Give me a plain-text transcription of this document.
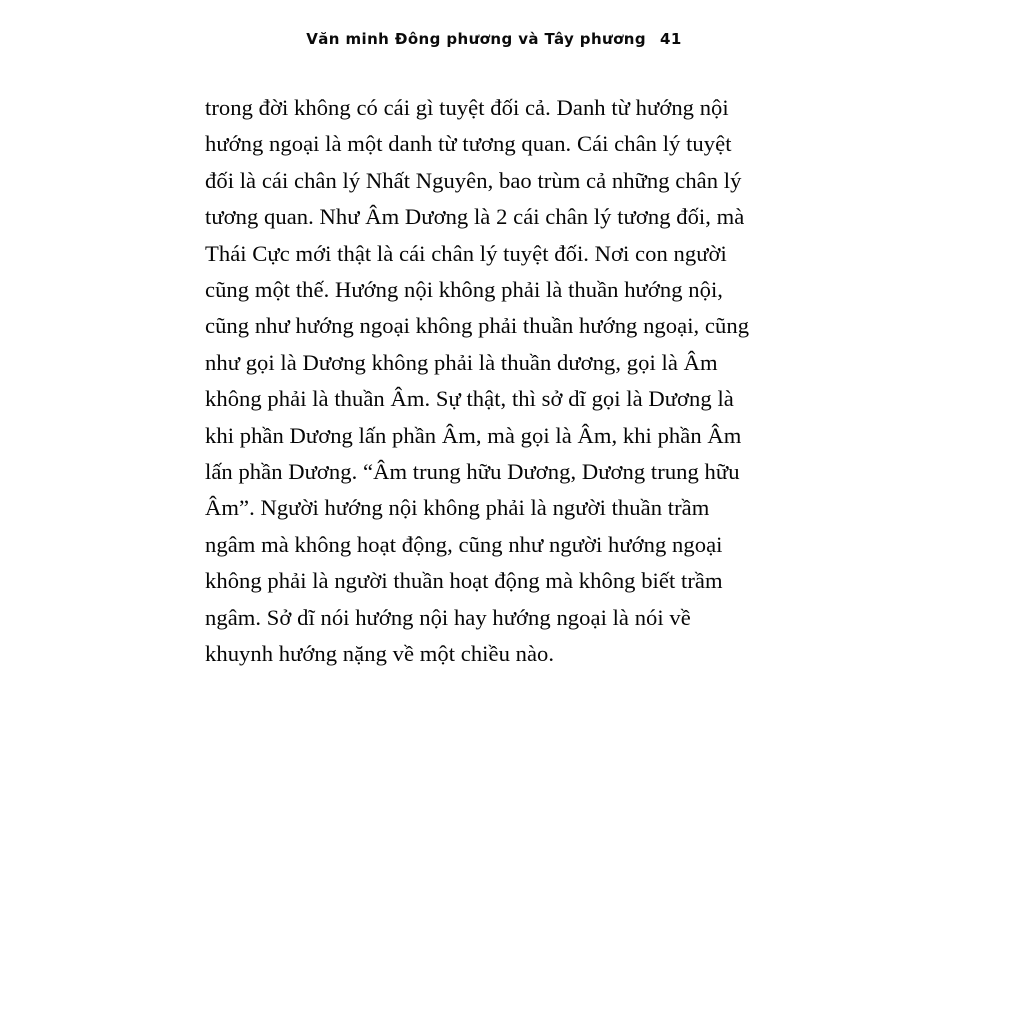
Văn minh Đông phương và Tây phương 41

trong đời không có cái gì tuyệt đối cả. Danh từ hướng nội hướng ngoại là một danh từ tương quan. Cái chân lý tuyệt đối là cái chân lý Nhất Nguyên, bao trùm cả những chân lý tương quan. Như Âm Dương là 2 cái chân lý tương đối, mà Thái Cực mới thật là cái chân lý tuyệt đối. Nơi con người cũng một thế. Hướng nội không phải là thuần hướng nội, cũng như hướng ngoại không phải thuần hướng ngoại, cũng như gọi là Dương không phải là thuần dương, gọi là Âm không phải là thuần Âm. Sự thật, thì sở dĩ gọi là Dương là khi phần Dương lấn phần Âm, mà gọi là Âm, khi phần Âm lấn phần Dương. “Âm trung hữu Dương, Dương trung hữu Âm”. Người hướng nội không phải là người thuần trầm ngâm mà không hoạt động, cũng như người hướng ngoại không phải là người thuần hoạt động mà không biết trầm ngâm. Sở dĩ nói hướng nội hay hướng ngoại là nói về khuynh hướng nặng về một chiều nào.
